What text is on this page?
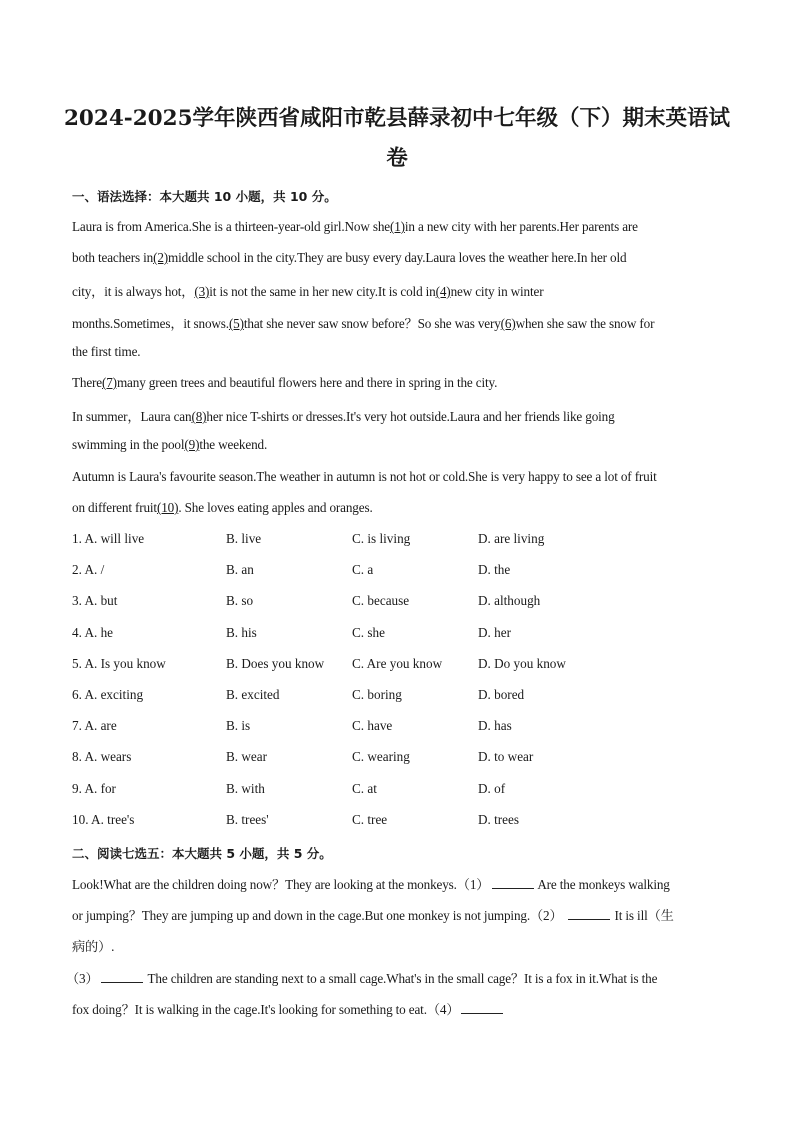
2024-2025学年陕西省咸阳市乾县薛录初中七年级（下）期末英语试
卷
一、语法选择：本大题共 10 小题，共 10 分。
Laura is from America.She is a thirteen-year-old girl.Now she(1)in a new city with her parents.Her parents are
both teachers in(2)middle school in the city.They are busy every day.Laura loves the weather here.In her old
city，it is always hot，(3)it is not the same in her new city.It is cold in(4)new city in winter
months.Sometimes，it snows.(5)that she never saw snow before？So she was very(6)when she saw the snow for
the first time.
There(7)many green trees and beautiful flowers here and there in spring in the city.
In summer，Laura can(8)her nice T-shirts or dresses.It's very hot outside.Laura and her friends like going
swimming in the pool(9)the weekend.
Autumn is Laura's favourite season.The weather in autumn is not hot or cold.She is very happy to see a lot of fruit
on different fruit(10). She loves eating apples and oranges.
1. A. will live	B. live	C. is living	D. are living
2. A. /	B. an	C. a	D. the
3. A. but	B. so	C. because	D. although
4. A. he	B. his	C. she	D. her
5. A. Is you know	B. Does you know C. Are you know	D. Do you know
6. A. exciting	B. excited	C. boring	D. bored
7. A. are	B. is	C. have	D. has
8. A. wears	B. wear	C. wearing	D. to wear
9. A. for	B. with	C. at	D. of
10. A. tree's	B. trees'	C. tree	D. trees
二、阅读七选五：本大题共 5 小题，共 5 分。
Look!What are the children doing now？They are looking at the monkeys.（1）	Are the monkeys walking
or jumping？They are jumping up and down in the cage.But one monkey is not jumping.（2）	It is ill（生
病的）.
（3）	The children are standing next to a small cage.What's in the small cage？It is a fox in it.What is the
fox doing？It is walking in the cage.It's looking for something to eat.（4）
